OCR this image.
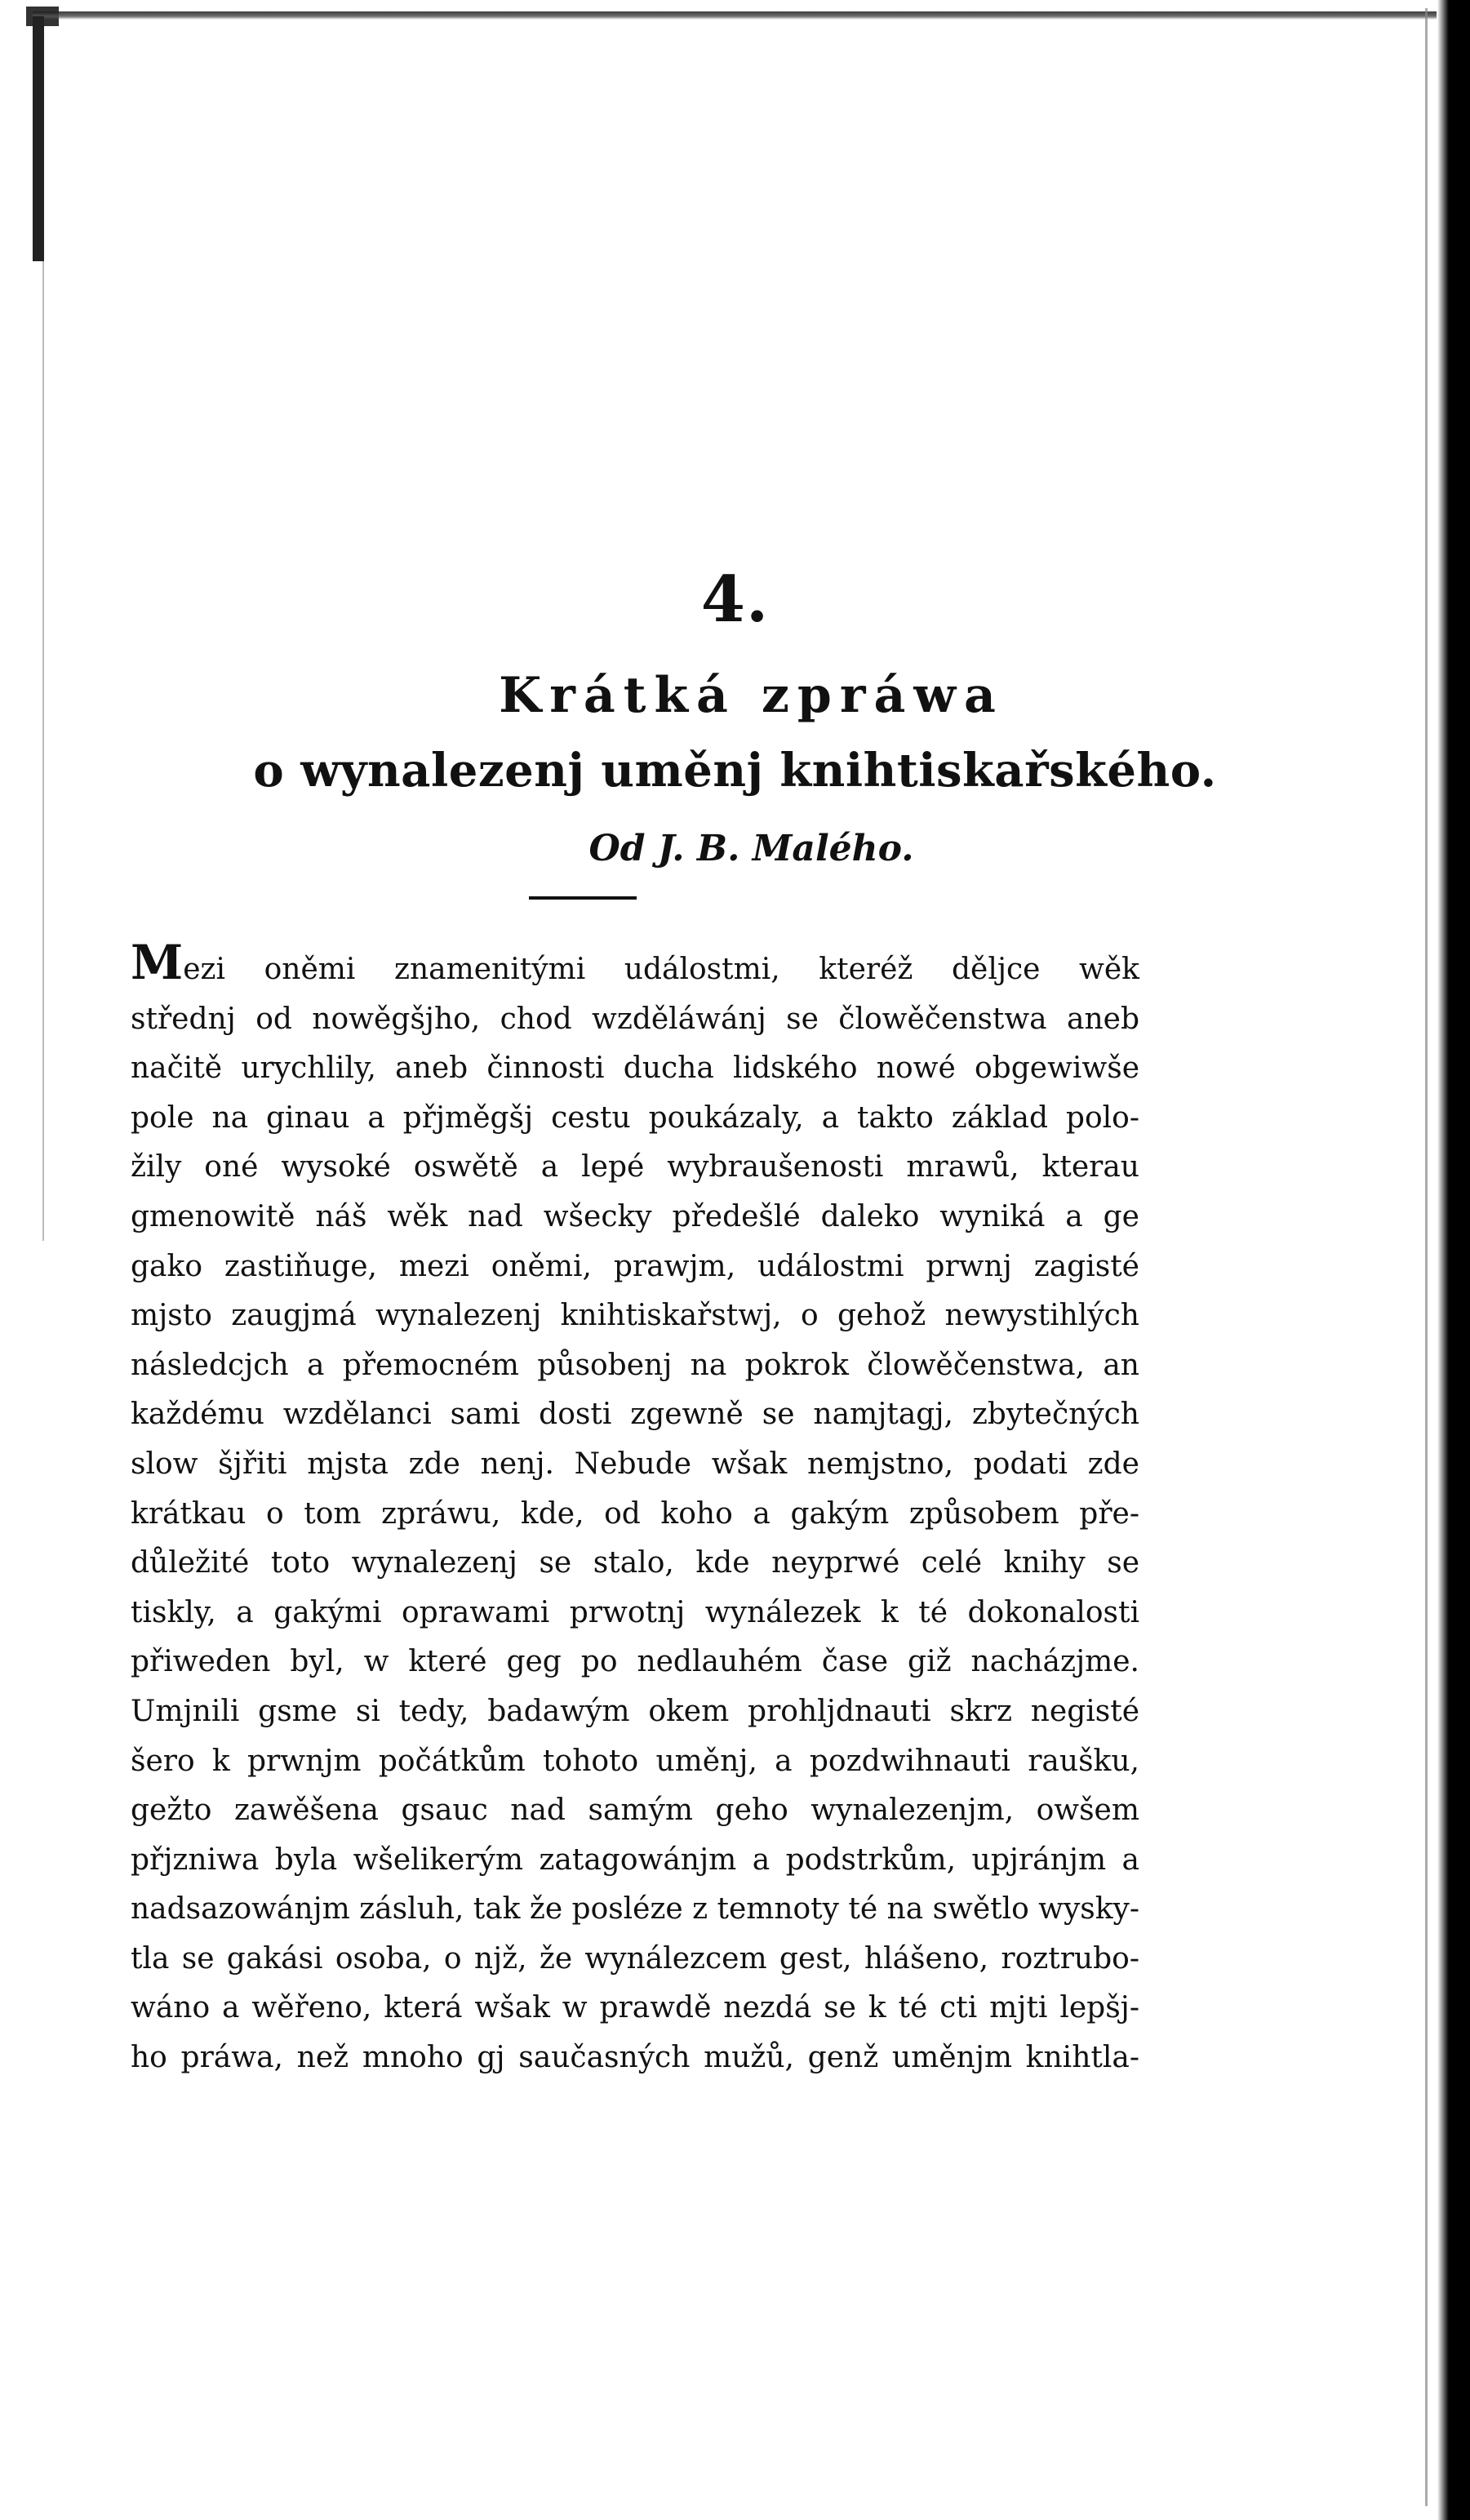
4.
Krátká zpráwa
o wynalezenj uměnj knihtiskařského.
Od J. B. Malého.
Mezi oněmi znamenitými událostmi, kteréž děljce wěk
střednj od nowěgšjho, chod wzděláwánj se člowěčenstwa aneb
načitě urychlily, aneb činnosti ducha lidského nowé obgewiwše
pole na ginau a přjměgšj cestu poukázaly, a takto základ polo-
žily oné wysoké oswětě a lepé wybraušenosti mrawů, kterau
gmenowitě náš wěk nad wšecky předešlé daleko wyniká a ge
gako zastiňuge, mezi oněmi, prawjm, událostmi prwnj zagisté
mjsto zaugjmá wynalezenj knihtiskařstwj, o gehož newystihlých
následcjch a přemocném působenj na pokrok člowěčenstwa, an
každému wzdělanci sami dosti zgewně se namjtagj, zbytečných
slow šjřiti mjsta zde nenj. Nebude wšak nemjstno, podati zde
krátkau o tom zpráwu, kde, od koho a gakým způsobem pře-
důležité toto wynalezenj se stalo, kde neyprwé celé knihy se
tiskly, a gakými oprawami prwotnj wynálezek k té dokonalosti
přiweden byl, w které geg po nedlauhém čase giž nacházjme.
Umjnili gsme si tedy, badawým okem prohljdnauti skrz negisté
šero k prwnjm počátkům tohoto uměnj, a pozdwihnauti raušku,
gežto zawěšena gsauc nad samým geho wynalezenjm, owšem
přjzniwa byla wšelikerým zatagowánjm a podstrkům, upjránjm a
nadsazowánjm zásluh, tak že posléze z temnoty té na swětlo wysky-
tla se gakási osoba, o njž, že wynálezcem gest, hlášeno, roztrubo-
wáno a wěřeno, která wšak w prawdě nezdá se k té cti mjti lepšj-
ho práwa, než mnoho gj saučasných mužů, genž uměnjm knihtla-
